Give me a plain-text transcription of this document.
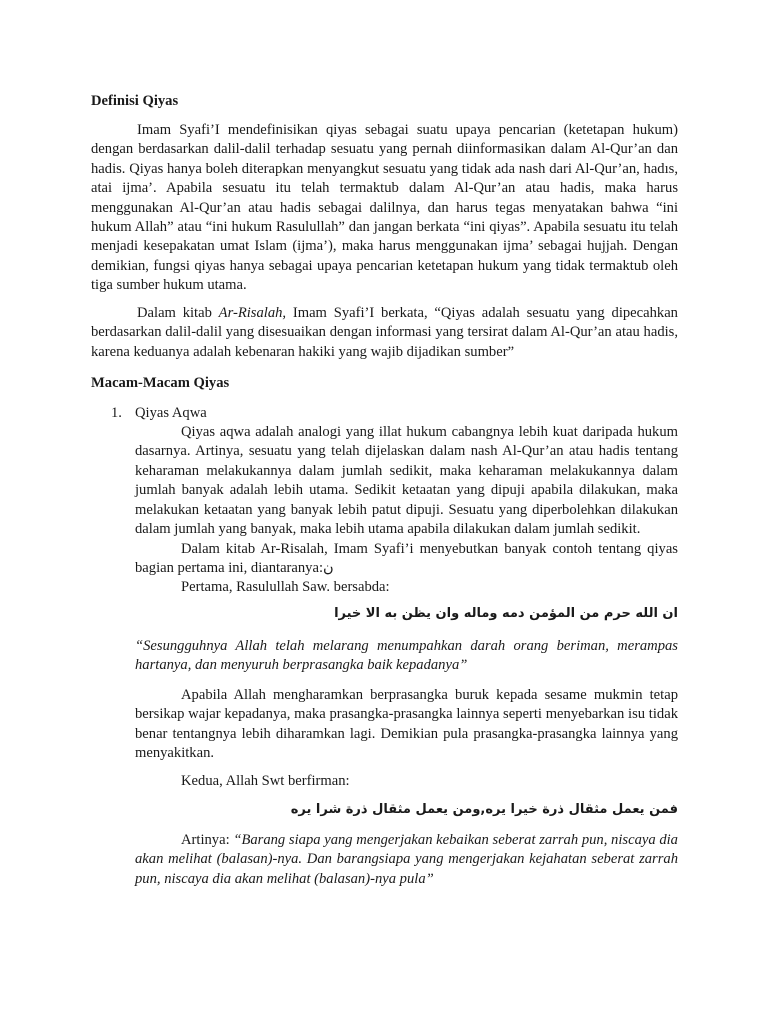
Definisi Qiyas

Imam Syafi’I mendefinisikan qiyas sebagai suatu upaya pencarian (ketetapan hukum) dengan berdasarkan dalil-dalil terhadap sesuatu yang pernah diinformasikan dalam Al-Qur’an dan hadis. Qiyas hanya boleh diterapkan menyangkut sesuatu yang tidak ada nash dari Al-Qur’an, hadıs, atai ijma’. Apabila sesuatu itu telah termaktub dalam Al-Qur’an atau hadis, maka harus menggunakan Al-Qur’an atau hadis sebagai dalilnya, dan harus tegas menyatakan bahwa “ini hukum Allah” atau “ini hukum Rasulullah” dan jangan berkata “ini qiyas”. Apabila sesuatu itu telah menjadi kesepakatan umat Islam (ijma’), maka harus menggunakan ijma’ sebagai hujjah. Dengan demikian, fungsi qiyas hanya sebagai upaya pencarian ketetapan hukum yang tidak termaktub oleh tiga sumber hukum utama.

Dalam kitab Ar-Risalah, Imam Syafi’I berkata, “Qiyas adalah sesuatu yang dipecahkan berdasarkan dalil-dalil yang disesuaikan dengan informasi yang tersirat dalam Al-Qur’an atau hadis, karena keduanya adalah kebenaran hakiki yang wajib dijadikan sumber”

Macam-Macam Qiyas
1. Qiyas Aqwa

Qiyas aqwa adalah analogi yang illat hukum cabangnya lebih kuat daripada hukum dasarnya. Artinya, sesuatu yang telah dijelaskan dalam nash Al-Qur’an atau hadis tentang keharaman melakukannya dalam jumlah sedikit, maka keharaman melakukannya dalam jumlah banyak adalah lebih utama. Sedikit ketaatan yang dipuji apabila dilakukan, maka melakukan ketaatan yang banyak lebih patut dipuji. Sesuatu yang diperbolehkan dilakukan dalam jumlah yang banyak, maka lebih utama apabila dilakukan dalam jumlah sedikit.

Dalam kitab Ar-Risalah, Imam Syafi’i menyebutkan banyak contoh tentang qiyas bagian pertama ini, diantaranya:ن

Pertama, Rasulullah Saw. bersabda:

ان الله حرم من المؤمن دمه وماله وان يظن به الا خيرا

“Sesungguhnya Allah telah melarang menumpahkan darah orang beriman, merampas hartanya, dan menyuruh berprasangka baik kepadanya”

Apabila Allah mengharamkan berprasangka buruk kepada sesame mukmin tetap bersikap wajar kepadanya, maka prasangka-prasangka lainnya seperti menyebarkan isu tidak benar tentangnya lebih diharamkan lagi. Demikian pula prasangka-prasangka lainnya yang menyakitkan.

Kedua, Allah Swt berfirman:

فمن يعمل مثقال ذرة خيرا يره,ومن يعمل مثقال ذرة شرا يره

Artinya: “Barang siapa yang mengerjakan kebaikan seberat zarrah pun, niscaya dia akan melihat (balasan)-nya. Dan barangsiapa yang mengerjakan kejahatan seberat zarrah pun, niscaya dia akan melihat (balasan)-nya pula”
